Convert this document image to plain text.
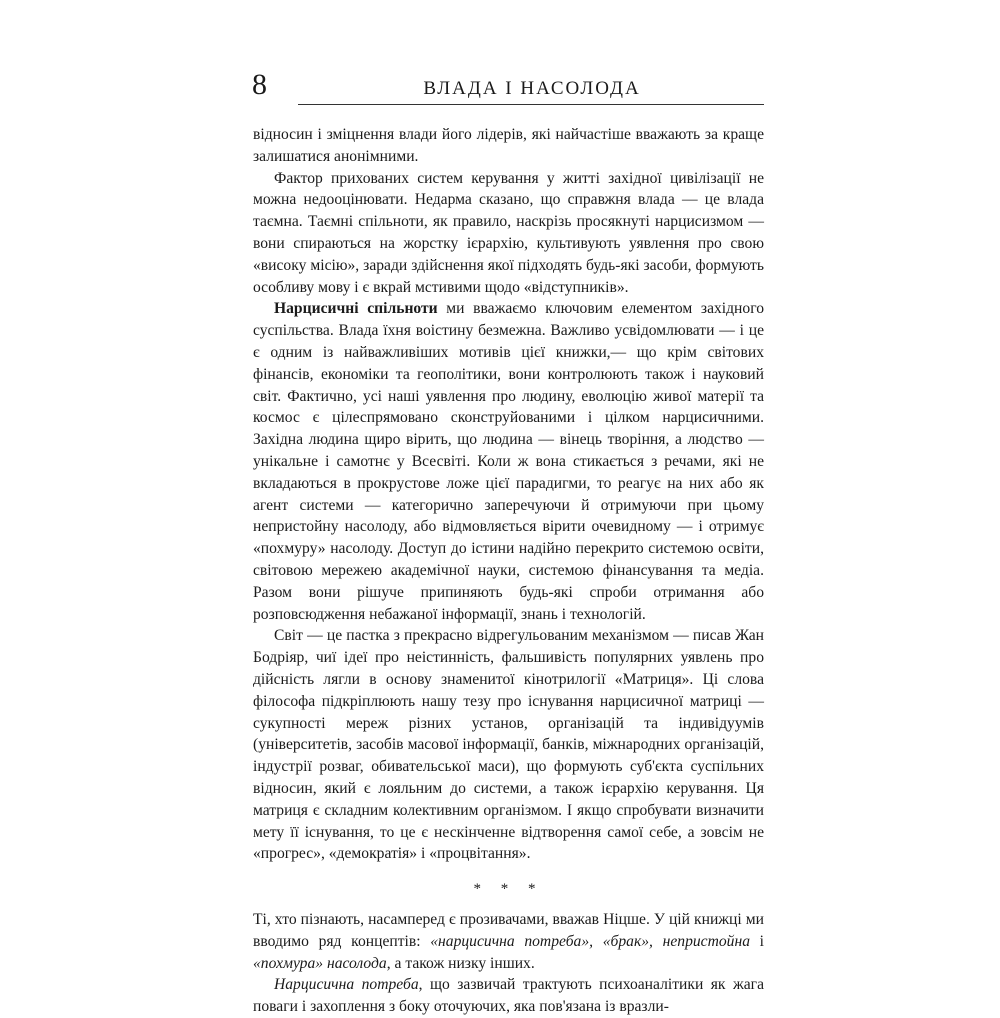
8	ВЛАДА І НАСОЛОДА

відносин і зміцнення влади його лідерів, які найчастіше вважають за краще залишатися анонімними.

Фактор прихованих систем керування у житті західної цивілізації не можна недооцінювати. Недарма сказано, що справжня влада — це влада таємна. Таємні спільноти, як правило, наскрізь просякнуті нарцисизмом — вони спираються на жорстку ієрархію, культивують уявлення про свою «високу місію», заради здійснення якої підходять будь-які засоби, формують особливу мову і є вкрай мстивими щодо «відступників».

Нарцисичні спільноти ми вважаємо ключовим елементом західного суспільства. Влада їхня воістину безмежна. Важливо усвідомлювати — і це є одним із найважливіших мотивів цієї книжки,— що крім світових фінансів, економіки та геополітики, вони контролюють також і науковий світ. Фактично, усі наші уявлення про людину, еволюцію живої матерії та космос є цілеспрямовано сконструйованими і цілком нарцисичними. Західна людина щиро вірить, що людина — вінець творіння, а людство — унікальне і самотнє у Всесвіті. Коли ж вона стикається з речами, які не вкладаються в прокрустове ложе цієї парадигми, то реагує на них або як агент системи — категорично заперечуючи й отримуючи при цьому непристойну насолоду, або відмовляється вірити очевидному — і отримує «похмуру» насолоду. Доступ до істини надійно перекрито системою освіти, світовою мережею академічної науки, системою фінансування та медіа. Разом вони рішуче припиняють будь-які спроби отримання або розповсюдження небажаної інформації, знань і технологій.

Світ — це пастка з прекрасно відрегульованим механізмом — писав Жан Бодріяр, чиї ідеї про неістинність, фальшивість популярних уявлень про дійсність лягли в основу знаменитої кінотрилогії «Матриця». Ці слова філософа підкріплюють нашу тезу про існування нарцисичної матриці — сукупності мереж різних установ, організацій та індивідуумів (університетів, засобів масової інформації, банків, міжнародних організацій, індустрії розваг, обивательської маси), що формують суб'єкта суспільних відносин, який є лояльним до системи, а також ієрархію керування. Ця матриця є складним колективним організмом. І якщо спробувати визначити мету її існування, то це є нескінченне відтворення самої себе, а зовсім не «прогрес», «демократія» і «процвітання».

* * *

Ті, хто пізнають, насамперед є прозивачами, вважав Ніцше. У цій книжці ми вводимо ряд концептів: «нарцисична потреба», «брак», непристойна і «похмура» насолода, а також низку інших.

Нарцисична потреба, що зазвичай трактують психоаналітики як жага поваги і захоплення з боку оточуючих, яка пов'язана із вразли-
